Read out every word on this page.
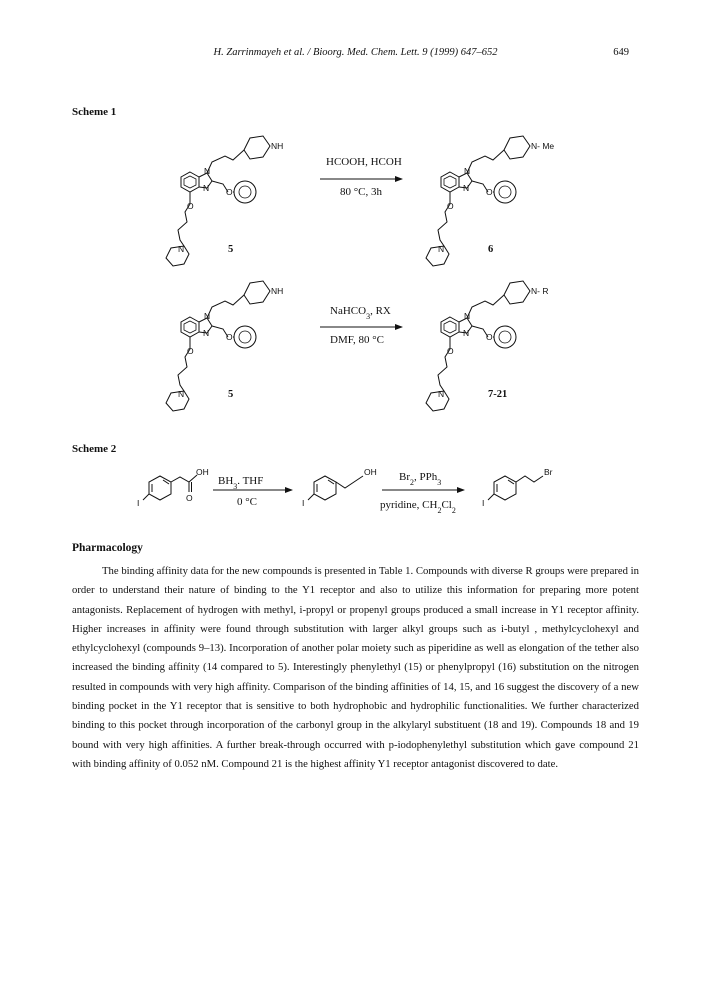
H. Zarrinmayeh et al. / Bioorg. Med. Chem. Lett. 9 (1999) 647–652	649
Scheme 1
N
N O
O
N
NH
5
HCOOH, HCOH
80 °C, 3h
N
N O
O
N
N- Me
6
N
N O
O
N
NH
5
NaHCO$_3$, RX
DMF, 80 °C
N
N O
O
N
N- R
7-21
Scheme 2
OH
O
I
$BH_3$. THF
0 °C
OH
I
$Br_2$, PPh$_3$
pyridine, $CH_2Cl_2$
Br
I
Pharmacology

The binding affinity data for the new compounds is presented in Table 1. Compounds with diverse R groups were prepared in order to understand their nature of binding to the Y1 receptor and also to utilize this information for preparing more potent antagonists. Replacement of hydrogen with methyl, i-propyl or propenyl groups produced a small increase in Y1 receptor affinity. Higher increases in affinity were found through substitution with larger alkyl groups such as i-butyl , methylcyclohexyl and ethylcyclohexyl (compounds 9–13). Incorporation of another polar moiety such as piperidine as well as elongation of the tether also increased the binding affinity (14 compared to 5). Interestingly phenylethyl (15) or phenylpropyl (16) substitution on the nitrogen resulted in compounds with very high affinity. Comparison of the binding affinities of 14, 15, and 16 suggest the discovery of a new binding pocket in the Y1 receptor that is sensitive to both hydrophobic and hydrophilic functionalities. We further characterized binding to this pocket through incorporation of the carbonyl group in the alkylaryl substituent (18 and 19). Compounds 18 and 19 bound with very high affinities. A further break-through occurred with p-iodophenylethyl substitution which gave compound 21 with binding affinity of 0.052 nM. Compound 21 is the highest affinity Y1 receptor antagonist discovered to date.
